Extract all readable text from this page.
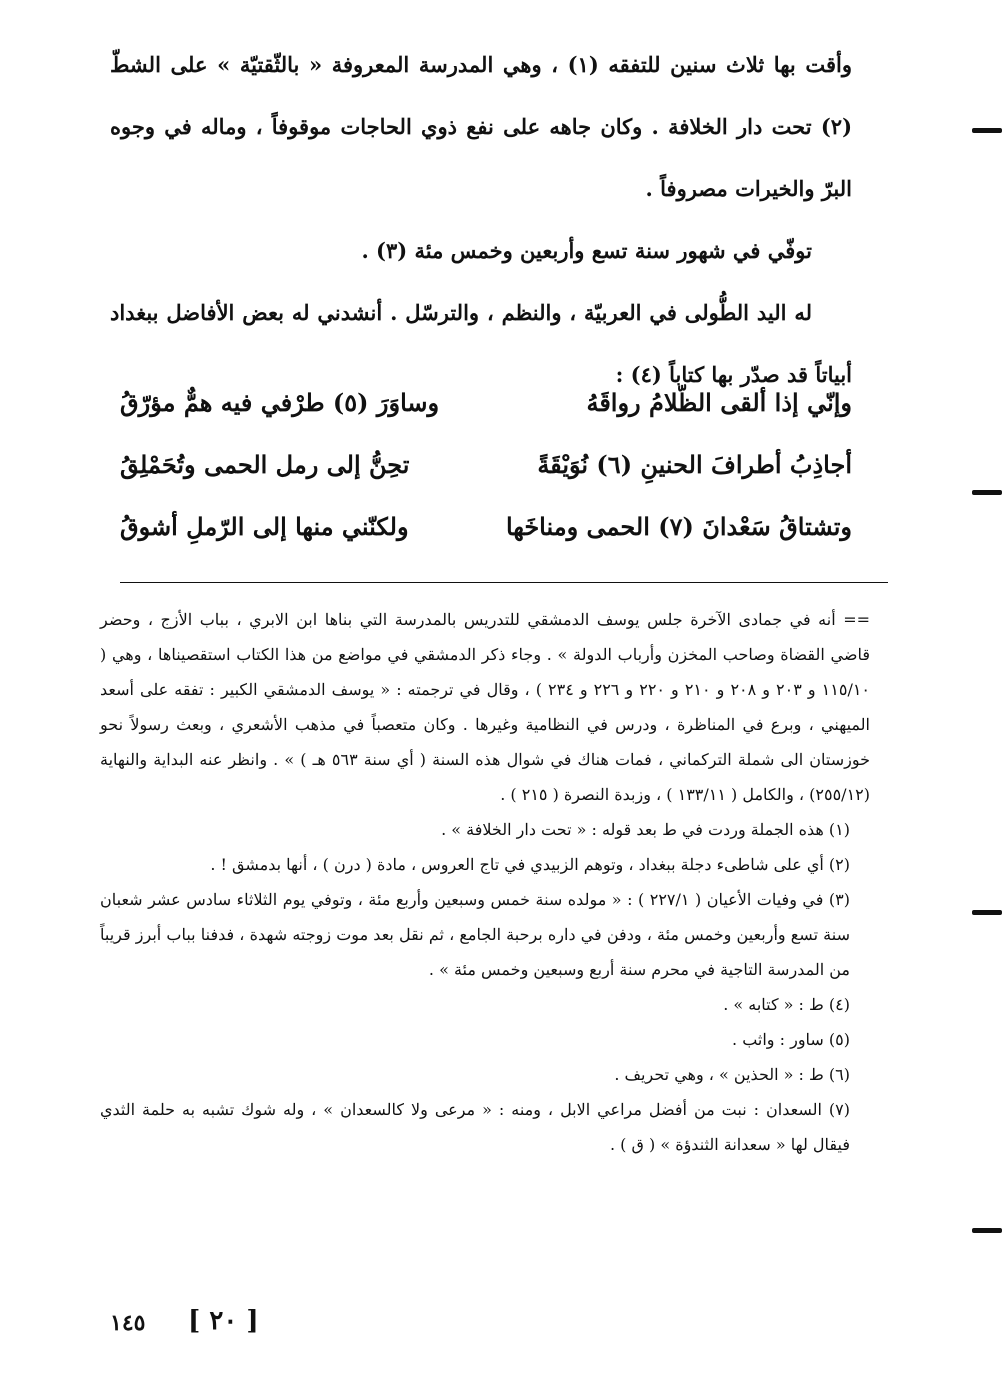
وأقت بها ثلاث سنين للتفقه (١) ، وهي المدرسة المعروفة « بالثّقتيّة » على الشطّ (٢) تحت دار الخلافة . وكان جاهه على نفع ذوي الحاجات موقوفاً ، وماله في وجوه البرّ والخيرات مصروفاً .

توفّي في شهور سنة تسع وأربعين وخمس مئة (٣) .

له اليد الطُّولى في العربيّة ، والنظم ، والترسّل . أنشدني له بعض الأفاضل ببغداد أبياتاً قد صدّر بها كتاباً (٤) :

وإنّي إذا ألقى الظّلامُ رواقَهُ
وساوَرَ (٥) طرْفي فيه همٌّ مؤرّقُ
أجاذِبُ أطرافَ الحنينِ (٦) نُوَيْقَةً
تحِنُّ إلى رمل الحمى وتُحَمْلِقُ
وتشتاقُ سَعْدانَ (٧) الحمى ومناخَها
ولكنّني منها إلى الرّملِ أشوقُ

== أنه في جمادى الآخرة جلس يوسف الدمشقي للتدريس بالمدرسة التي بناها ابن الابري ، بباب الأزج ، وحضر قاضي القضاة وصاحب المخزن وأرباب الدولة » . وجاء ذكر الدمشقي في مواضع من هذا الكتاب استقصيناها ، وهي ( ١١٥/١٠ و ٢٠٣ و ٢٠٨ و ٢١٠ و ٢٢٠ و ٢٢٦ و ٢٣٤ ) ، وقال في ترجمته : « يوسف الدمشقي الكبير : تفقه على أسعد الميهني ، وبرع في المناظرة ، ودرس في النظامية وغيرها . وكان متعصباً في مذهب الأشعري ، وبعث رسولاً نحو خوزستان الى شملة التركماني ، فمات هناك في شوال هذه السنة ( أي سنة ٥٦٣ هـ ) » . وانظر عنه البداية والنهاية (٢٥٥/١٢) ، والكامل ( ١٣٣/١١ ) ، وزبدة النصرة ( ٢١٥ ) .

(١) هذه الجملة وردت في ط بعد قوله : « تحت دار الخلافة » .

(٢) أي على شاطىء دجلة ببغداد ، وتوهم الزبيدي في تاج العروس ، مادة ( درن ) ، أنها بدمشق ! .

(٣) في وفيات الأعيان ( ٢٢٧/١ ) : « مولده سنة خمس وسبعين وأربع مئة ، وتوفي يوم الثلاثاء سادس عشر شعبان سنة تسع وأربعين وخمس مئة ، ودفن في داره برحبة الجامع ، ثم نقل بعد موت زوجته شهدة ، فدفنا بباب أبرز قريباً من المدرسة التاجية في محرم سنة أربع وسبعين وخمس مئة » .

(٤) ط : « كتابه » .

(٥) ساور : واثب .

(٦) ط : « الحذين » ، وهي تحريف .

(٧) السعدان : نبت من أفضل مراعي الابل ، ومنه : « مرعى ولا كالسعدان » ، وله شوك تشبه به حلمة الثدي فيقال لها « سعدانة الثندؤة » ( ق ) .

١٤٥ [ ٢٠ ]
